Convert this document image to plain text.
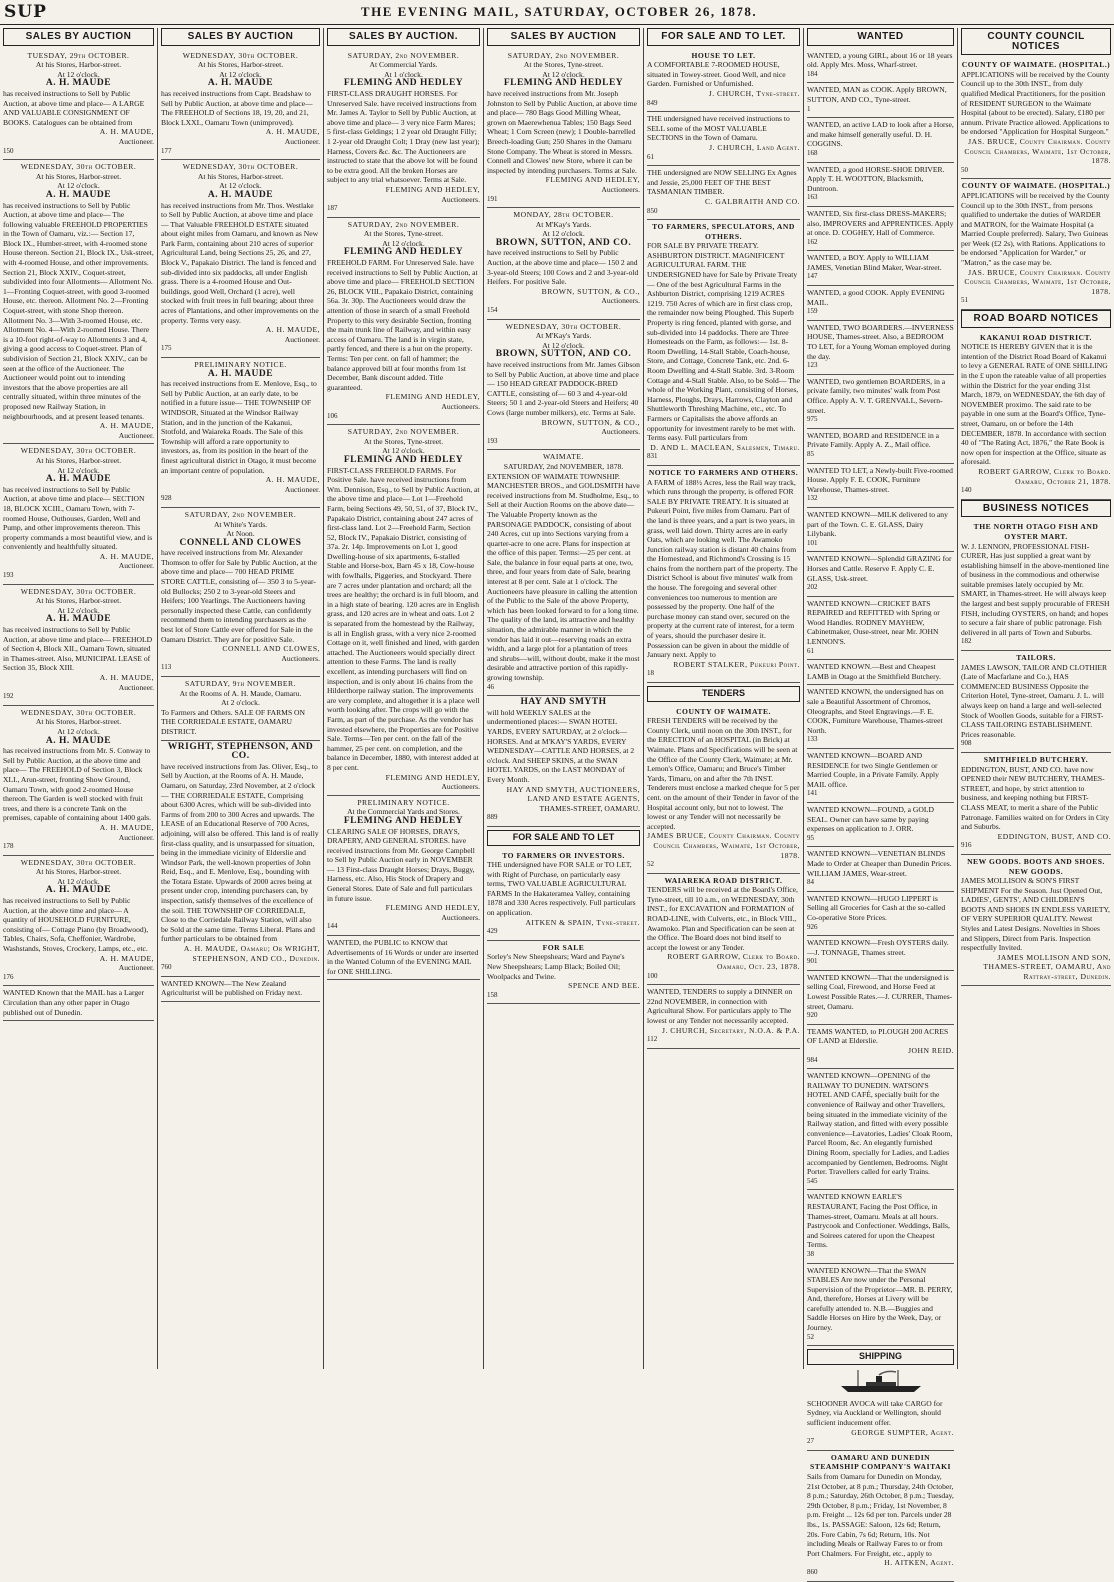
SUP	THE EVENING MAIL, SATURDAY, OCTOBER 26, 1878.
SALES BY AUCTION
TUESDAY, 29th OCTOBER.
At his Stores, Harbor-street.
At 12 o'clock.
A. H. MAUDE
has received instructions to Sell by Public Auction, at above time and place— A LARGE AND VALUABLE CONSIGNMENT OF BOOKS. Catalogues can be obtained from
A. H. MAUDE,
Auctioneer.
150
WEDNESDAY, 30th OCTOBER.
At his Stores, Harbor-street.
At 12 o'clock.
A. H. MAUDE
has received instructions to Sell by Public Auction, at above time and place— The following valuable FREEHOLD PROPERTIES in the Town of Oamaru, viz.:— Section 17, Block IX., Humber-street, with 4-roomed stone House thereon. Section 21, Block IX., Usk-street, with 4-roomed House, and other improvements. Section 21, Block XXIV., Coquet-street, subdivided into four Allotments— Allotment No. 1—Fronting Coquet-street, with good 3-roomed House, etc. thereon. Allotment No. 2—Fronting Coquet-street, with stone Shop thereon. Allotment No. 3—With 3-roomed House, etc. Allotment No. 4—With 2-roomed House. There is a 10-foot right-of-way to Allotments 3 and 4, giving a good access to Coquet-street. Plan of subdivision of Section 21, Block XXIV., can be seen at the office of the Auctioneer. The Auctioneer would point out to intending investors that the above properties are all centrally situated, within three minutes of the proposed new Railway Station, in neighbourhoods, and at present leased tenants.
A. H. MAUDE,
Auctioneer.
WEDNESDAY, 30th OCTOBER.
At his Stores, Harbor-street.
At 12 o'clock.
A. H. MAUDE
has received instructions to Sell by Public Auction, at above time and place— SECTION 18, BLOCK XCIII., Oamaru Town, with 7-roomed House, Outhouses, Garden, Well and Pump, and other improvements thereon. This property commands a most beautiful view, and is conveniently and healthfully situated.
A. H. MAUDE,
Auctioneer.
193
WEDNESDAY, 30th OCTOBER.
At his Stores, Harbor-street.
At 12 o'clock.
A. H. MAUDE
has received instructions to Sell by Public Auction, at above time and place— FREEHOLD of Section 4, Block XII., Oamaru Town, situated in Thames-street. Also, MUNICIPAL LEASE of Section 35, Block XIII.
A. H. MAUDE,
Auctioneer.
192
WEDNESDAY, 30th OCTOBER.
At his Stores, Harbor-street.
At 12 o'clock.
A. H. MAUDE
has received instructions from Mr. S. Conway to Sell by Public Auction, at the above time and place— The FREEHOLD of Section 3, Block XLI., Arun-street, fronting Show Ground, Oamaru Town, with good 2-roomed House thereon. The Garden is well stocked with fruit trees, and there is a concrete Tank on the premises, capable of containing about 1400 gals.
A. H. MAUDE,
Auctioneer.
178
WEDNESDAY, 30th OCTOBER.
At his Stores, Harbor-street.
At 12 o'clock.
A. H. MAUDE
has received instructions to Sell by Public Auction, at the above time and place— A quantity of HOUSEHOLD FURNITURE, consisting of— Cottage Piano (by Broadwood), Tables, Chairs, Sofa, Cheffonier, Wardrobe, Washstands, Stoves, Crockery, Lamps, etc., etc.
A. H. MAUDE,
Auctioneer.
176
WANTED Known that the MAIL has a Larger Circulation than any other paper in Otago published out of Dunedin.
SALES BY AUCTION
WEDNESDAY, 30th OCTOBER.
At his Stores, Harbor-street.
At 12 o'clock.
A. H. MAUDE
has received instructions from Capt. Bradshaw to Sell by Public Auction, at above time and place— The FREEHOLD of Sections 18, 19, 20, and 21, Block LXXI., Oamaru Town (unimproved).
A. H. MAUDE,
Auctioneer.
177
WEDNESDAY, 30th OCTOBER.
At his Stores, Harbor-street.
At 12 o'clock.
A. H. MAUDE
has received instructions from Mr. Thos. Westlake to Sell by Public Auction, at above time and place— That Valuable FREEHOLD ESTATE situated about eight miles from Oamaru, and known as New Park Farm, containing about 210 acres of superior Agricultural Land, being Sections 25, 26, and 27, Block V., Papakaio District. The land is fenced and sub-divided into six paddocks, all under English grass. There is a 4-roomed House and Out-buildings, good Well, Orchard (1 acre), well stocked with fruit trees in full bearing; about three acres of Plantations, and other improvements on the property. Terms very easy.
A. H. MAUDE,
Auctioneer.
175
PRELIMINARY NOTICE.
A. H. MAUDE
has received instructions from E. Menlove, Esq., to Sell by Public Auction, at an early date, to be notified in a future issue— THE TOWNSHIP OF WINDSOR, Situated at the Windsor Railway Station, and in the junction of the Kakanui, Stotfold, and Waiareka Roads. The Sale of this Township will afford a rare opportunity to investors, as, from its position in the heart of the finest agricultural district in Otago, it must become an important centre of population.
A. H. MAUDE,
Auctioneer.
928
SATURDAY, 2nd NOVEMBER.
At White's Yards.
At Noon.
CONNELL AND CLOWES
have received instructions from Mr. Alexander Thomson to offer for Sale by Public Auction, at the above time and place— 700 HEAD PRIME STORE CATTLE, consisting of— 350 3 to 5-year-old Bullocks; 250 2 to 3-year-old Steers and Heifers; 100 Yearlings. The Auctioneers having personally inspected these Cattle, can confidently recommend them to intending purchasers as the best lot of Store Cattle ever offered for Sale in the Oamaru District. They are for positive Sale.
CONNELL AND CLOWES,
Auctioneers.
113
SATURDAY, 9th NOVEMBER.
At the Rooms of A. H. Maude, Oamaru.
At 2 o'clock.
To Farmers and Others. SALE OF FARMS ON THE CORRIEDALE ESTATE, OAMARU DISTRICT.
WRIGHT, STEPHENSON, AND CO.
have received instructions from Jas. Oliver, Esq., to Sell by Auction, at the Rooms of A. H. Maude, Oamaru, on Saturday, 23rd November, at 2 o'clock— THE CORRIEDALE ESTATE, Comprising about 6300 Acres, which will be sub-divided into Farms of from 200 to 300 Acres and upwards. The LEASE of an Educational Reserve of 700 Acres, adjoining, will also be offered. This land is of really first-class quality, and is unsurpassed for situation, being in the immediate vicinity of Elderslie and Windsor Park, the well-known properties of John Reid, Esq., and E. Menlove, Esq., bounding with the Totara Estate. Upwards of 2000 acres being at present under crop, intending purchasers can, by inspection, satisfy themselves of the excellence of the soil. THE TOWNSHIP OF CORRIEDALE, Close to the Corriedale Railway Station, will also be Sold at the same time. Terms Liberal. Plans and further particulars to be obtained from
A. H. MAUDE, Oamaru; Or WRIGHT, STEPHENSON, AND CO., Dunedin.
760
WANTED KNOWN—The New Zealand Agriculturist will be published on Friday next.
SALES BY AUCTION.
SATURDAY, 2nd NOVEMBER.
At Commercial Yards.
At 1 o'clock.
FLEMING AND HEDLEY
FIRST-CLASS DRAUGHT HORSES. For Unreserved Sale. have received instructions from Mr. James A. Taylor to Sell by Public Auction, at above time and place— 3 very nice Farm Mares; 5 first-class Geldings; 1 2 year old Draught Filly; 1 2-year old Draught Colt; 1 Dray (new last year); Harness, Covers &c. &c. The Auctioneers are instructed to state that the above lot will be found to be extra good. All the broken Horses are subject to any trial whatsoever. Terms at Sale.
FLEMING AND HEDLEY,
Auctioneers.
187
SATURDAY, 2nd NOVEMBER.
At the Stores, Tyne-street.
At 12 o'clock.
FLEMING AND HEDLEY
FREEHOLD FARM. For Unreserved Sale. have received instructions to Sell by Public Auction, at above time and place— FREEHOLD SECTION 26, BLOCK VIII., Papakaio District, containing 56a. 3r. 30p. The Auctioneers would draw the attention of those in search of a small Freehold Property to this very desirable Section, fronting the main trunk line of Railway, and within easy access of Oamaru. The land is in virgin state, partly fenced, and there is a hut on the property. Terms: Ten per cent. on fall of hammer; the balance approved bill at four months from 1st December, Bank discount added. Title guaranteed.
FLEMING AND HEDLEY,
Auctioneers.
106
SATURDAY, 2nd NOVEMBER.
At the Stores, Tyne-street.
At 12 o'clock.
FLEMING AND HEDLEY
FIRST-CLASS FREEHOLD FARMS. For Positive Sale. have received instructions from Wm. Dennison, Esq., to Sell by Public Auction, at the above time and place— Lot 1—Freehold Farm, being Sections 49, 50, 51, of 37, Block IV., Papakaio District, containing about 247 acres of first-class land. Lot 2—Freehold Farm, Section 52, Block IV., Papakaio District, consisting of 37a. 2r. 14p. Improvements on Lot 1, good Dwelling-house of six apartments, 6-stalled Stable and Horse-box, Barn 45 x 18, Cow-house with fowlhalls, Piggeries, and Stockyard. There are 7 acres under plantation and orchard; all the trees are healthy; the orchard is in full bloom, and in a high state of bearing. 120 acres are in English grass, and 120 acres are in wheat and oats. Lot 2 is separated from the homestead by the Railway, is all in English grass, with a very nice 2-roomed Cottage on it, well finished and lined, with garden attached. The Auctioneers would specially direct attention to these Farms. The land is really excellent, as intending purchasers will find on inspection, and is only about 16 chains from the Hilderthorpe railway station. The improvements are very complete, and altogether it is a place well worth looking after. The crops will go with the Farm, as part of the purchase. As the vendor has invested elsewhere, the Properties are for Positive Sale. Terms—Ten per cent. on the fall of the hammer, 25 per cent. on completion, and the balance in December, 1880, with interest added at 8 per cent.
FLEMING AND HEDLEY,
Auctioneers.
PRELIMINARY NOTICE.
At the Commercial Yards and Stores.
FLEMING AND HEDLEY
CLEARING SALE OF HORSES, DRAYS, DRAPERY, AND GENERAL STORES. have received instructions from Mr. George Campbell to Sell by Public Auction early in NOVEMBER— 13 First-class Draught Horses; Drays, Buggy, Harness, etc. Also, His Stock of Drapery and General Stores. Date of Sale and full particulars in future issue.
FLEMING AND HEDLEY,
Auctioneers.
144
WANTED, the PUBLIC to KNOW that Advertisements of 16 Words or under are inserted in the Wanted Column of the EVENING MAIL for ONE SHILLING.
SALES BY AUCTION
SATURDAY, 2nd NOVEMBER.
At the Stores, Tyne-street.
At 12 o'clock.
FLEMING AND HEDLEY
have received instructions from Mr. Joseph Johnston to Sell by Public Auction, at above time and place— 780 Bags Good Milling Wheat, grown on Maerewhenua Tables; 150 Bags Seed Wheat; 1 Corn Screen (new); 1 Double-barrelled Breech-loading Gun; 250 Shares in the Oamaru Stone Company. The Wheat is stored in Messrs. Connell and Clowes' new Store, where it can be inspected by intending purchasers. Terms at Sale.
FLEMING AND HEDLEY,
Auctioneers.
191
MONDAY, 28th OCTOBER.
At M'Kay's Yards.
At 12 o'clock.
BROWN, SUTTON, AND CO.
have received instructions to Sell by Public Auction, at the above time and place— 150 2 and 3-year-old Steers; 100 Cows and 2 and 3-year-old Heifers. For positive Sale.
BROWN, SUTTON, & CO.,
Auctioneers.
154
WEDNESDAY, 30th OCTOBER.
At M'Kay's Yards.
At 12 o'clock.
BROWN, SUTTON, AND CO.
have received instructions from Mr. James Gibson to Sell by Public Auction, at above time and place— 150 HEAD GREAT PADDOCK-BRED CATTLE, consisting of— 60 3 and 4-year-old Steers; 50 1 and 2-year-old Steers and Heifers; 40 Cows (large number milkers), etc. Terms at Sale.
BROWN, SUTTON, & CO.,
Auctioneers.
193
WAIMATE.
SATURDAY, 2nd NOVEMBER, 1878.
EXTENSION OF WAIMATE TOWNSHIP. MANCHESTER BROS., and GOLDSMITH have received instructions from M. Studholme, Esq., to Sell at their Auction Rooms on the above date— The Valuable Property known as the PARSONAGE PADDOCK, consisting of about 240 Acres, cut up into Sections varying from a quarter-acre to one acre. Plans for inspection at the office of this paper. Terms:—25 per cent. at Sale, the balance in four equal parts at one, two, three, and four years from date of Sale, bearing interest at 8 per cent. Sale at 1 o'clock. The Auctioneers have pleasure in calling the attention of the Public to the Sale of the above Property, which has been looked forward to for a long time. The quality of the land, its attractive and healthy situation, the admirable manner in which the vendor has laid it out—reserving roads an extra width, and a large plot for a plantation of trees and shrubs—will, without doubt, make it the most desirable and attractive portion of this rapidly-growing township.
46
HAY AND SMYTH
will hold WEEKLY SALES at the undermentioned places:— SWAN HOTEL YARDS, EVERY SATURDAY, at 2 o'clock—HORSES. And at M'KAY'S YARDS, EVERY WEDNESDAY—CATTLE AND HORSES, at 2 o'clock. And SHEEP SKINS, at the SWAN HOTEL YARDS, on the LAST MONDAY of Every Month.
HAY AND SMYTH, AUCTIONEERS, LAND AND ESTATE AGENTS,
THAMES-STREET, OAMARU.
889
FOR SALE AND TO LET
TO FARMERS OR INVESTORS.
THE undersigned have FOR SALE or TO LET, with Right of Purchase, on particularly easy terms, TWO VALUABLE AGRICULTURAL FARMS In the Hakateramea Valley, containing 1878 and 330 Acres respectively. Full particulars on application.
AITKEN & SPAIN, Tyne-street.
429
FOR SALE
Sorley's New Sheepshears; Ward and Payne's New Sheepshears; Lamp Black; Boiled Oil; Woolpacks and Twine.
SPENCE AND BEE.
158
FOR SALE AND TO LET.
HOUSE TO LET.
A COMFORTABLE 7-ROOMED HOUSE, situated in Towey-street. Good Well, and nice Garden. Furnished or Unfurnished.
J. CHURCH, Tyne-street.
849
THE undersigned have received instructions to SELL some of the MOST VALUABLE SECTIONS in the Town of Oamaru.
J. CHURCH, Land Agent.
61
THE undersigned are NOW SELLING Ex Agnes and Jessie, 25,000 FEET OF THE BEST TASMANIAN TIMBER.
C. GALBRAITH AND CO.
850
TO FARMERS, SPECULATORS, AND OTHERS.
FOR SALE BY PRIVATE TREATY. ASHBURTON DISTRICT. MAGNIFICENT AGRICULTURAL FARM. THE UNDERSIGNED have for Sale by Private Treaty— One of the best Agricultural Farms in the Ashburton District, comprising 1219 ACRES 1219. 750 Acres of which are in first class crop, the remainder now being Ploughed. This Superb Property is ring fenced, planted with gorse, and sub-divided into 14 paddocks. There are Three Homesteads on the Farm, as follows:— 1st. 8-Room Dwelling, 14-Stall Stable, Coach-house, Store, and Cottage, Concrete Tank, etc. 2nd. 6-Room Dwelling and 4-Stall Stable. 3rd. 3-Room Cottage and 4-Stall Stable. Also, to be Sold— The whole of the Working Plant, consisting of Horses, Harness, Ploughs, Drays, Harrows, Clayton and Shuttleworth Threshing Machine, etc., etc. To Farmers or Capitalists the above affords an opportunity for investment rarely to be met with. Terms easy. Full particulars from
D. AND L. MACLEAN, Salesmen, Timaru.
831
NOTICE TO FARMERS AND OTHERS.
A FARM of 188½ Acres, less the Rail way track, which runs through the property, is offered FOR SALE BY PRIVATE TREATY. It is situated at Pukeuri Point, five miles from Oamaru. Part of the land is three years, and a part is two years, in grass, well laid down. Thirty acres are in early Oats, which are looking well. The Awamoko Junction railway station is distant 40 chains from the Homestead, and Richmond's Crossing is 15 chains from the northern part of the property. The District School is about five minutes' walk from the house. The foregoing and several other conveniences too numerous to mention are possessed by the property. One half of the purchase money can stand over, secured on the property at the current rate of interest, for a term of years, should the purchaser desire it. Possession can be given in about the middle of January next. Apply to
ROBERT STALKER, Pukeuri Point.
18
TENDERS
COUNTY OF WAIMATE.
FRESH TENDERS will be received by the County Clerk, until noon on the 30th INST., for the ERECTION of an HOSPITAL (in Brick) at Waimate. Plans and Specifications will be seen at the Office of the County Clerk, Waimate; at Mr. Lemon's Office, Oamaru; and Bruce's Timber Yards, Timaru, on and after the 7th INST. Tenderers must enclose a marked cheque for 5 per cent. on the amount of their Tender in favor of the Hospital account only, but not to lowest. The lowest or any Tender will not necessarily be accepted.
JAMES BRUCE, County Chairman. County Council Chambers, Waimate, 1st October, 1878.
52
WAIAREKA ROAD DISTRICT.
TENDERS will be received at the Board's Office, Tyne-street, till 10 a.m., on WEDNESDAY, 30th INST., for EXCAVATION and FORMATION of ROAD-LINE, with Culverts, etc., in Block VIII., Awamoko. Plan and Specification can be seen at the Office. The Board does not bind itself to accept the lowest or any Tender.
ROBERT GARROW, Clerk to Board. Oamaru, Oct. 23, 1878.
100
WANTED, TENDERS to supply a DINNER on 22nd NOVEMBER, in connection with Agricultural Show. For particulars apply to The lowest or any Tender not necessarily accepted.
J. CHURCH, Secretary, N.O.A. & P.A.
112
WANTED
WANTED, a young GIRL, about 16 or 18 years old. Apply Mrs. Moss, Wharf-street.
184
WANTED, MAN as COOK. Apply BROWN, SUTTON, AND CO., Tyne-street.
1
WANTED, an active LAD to look after a Horse, and make himself generally useful. D. H. COGGINS.
168
WANTED, a good HORSE-SHOE DRIVER. Apply T. H. WOOTTON, Blacksmith, Duntroon.
163
WANTED, Six first-class DRESS-MAKERS; also, IMPROVERS and APPRENTICES. Apply at once. D. COGHEY, Hall of Commerce.
162
WANTED, a BOY. Apply to WILLIAM JAMES, Venetian Blind Maker, Wear-street.
147
WANTED, a good COOK. Apply EVENING MAIL.
159
WANTED, TWO BOARDERS.—INVERNESS HOUSE, Thames-street. Also, a BEDROOM TO LET, for a Young Woman employed during the day.
123
WANTED, two gentlemen BOARDERS, in a private family, two minutes' walk from Post Office. Apply A. V. T. GRENVALL, Severn-street.
975
WANTED, BOARD and RESIDENCE in a Private Family. Apply A. Z., Mail office.
85
WANTED TO LET, a Newly-built Five-roomed House. Apply F. E. COOK, Furniture Warehouse, Thames-street.
132
WANTED KNOWN—MILK delivered to any part of the Town. C. E. GLASS, Dairy Lilybank.
101
WANTED KNOWN—Splendid GRAZING for Horses and Cattle. Reserve F. Apply C. E. GLASS, Usk-street.
202
WANTED KNOWN—CRICKET BATS REPAIRED and REFITTED with Spring or Wood Handles. RODNEY MAYHEW, Cabinetmaker, Ouse-street, near Mr. JOHN LENNON'S.
61
WANTED KNOWN.—Best and Cheapest LAMB in Otago at the Smithfield Butchery.
WANTED KNOWN, the undersigned has on sale a Beautiful Assortment of Chromos, Oleographs, and Steel Engravings.—F. E. COOK, Furniture Warehouse, Thames-street North.
133
WANTED KNOWN—BOARD AND RESIDENCE for two Single Gentlemen or Married Couple, in a Private Family. Apply MAIL office.
141
WANTED KNOWN—FOUND, a GOLD SEAL. Owner can have same by paying expenses on application to J. ORR.
95
WANTED KNOWN—VENETIAN BLINDS Made to Order at Cheaper than Dunedin Prices. WILLIAM JAMES, Wear-street.
84
WANTED KNOWN—HUGO LIPPERT is Selling all Groceries for Cash at the so-called Co-operative Store Prices.
926
WANTED KNOWN—Fresh OYSTERS daily.—J. TONNAGE, Thames street.
901
WANTED KNOWN—That the undersigned is selling Coal, Firewood, and Horse Feed at Lowest Possible Rates.—J. CURRER, Thames-street, Oamaru.
920
TEAMS WANTED, to PLOUGH 200 ACRES OF LAND at Elderslie.
JOHN REID.
984
WANTED KNOWN—OPENING of the RAILWAY TO DUNEDIN. WATSON'S HOTEL AND CAFÉ, specially built for the convenience of Railway and other Travellers, being situated in the immediate vicinity of the Railway station, and fitted with every possible convenience—Lavatories, Ladies' Cloak Room, Parcel Room, &c. An elegantly furnished Dining Room, specially for Ladies, and Ladies accompanied by Gentlemen, Bedrooms. Night Porter. Travellers called for early Trains.
545
WANTED KNOWN EARLE'S RESTAURANT, Facing the Post Office, in Thames-street, Oamaru. Meals at all hours. Pastrycook and Confectioner. Weddings, Balls, and Soirees catered for upon the Cheapest Terms.
38
WANTED KNOWN—That the SWAN STABLES Are now under the Personal Supervision of the Proprietor—MR. B. PERRY, And, therefore, Horses at Livery will be carefully attended to. N.B.—Buggies and Saddle Horses on Hire by the Week, Day, or Journey.
52
SHIPPING
SCHOONER AVOCA will take CARGO for Sydney, via Auckland or Wellington, should sufficient inducement offer.
GEORGE SUMPTER, Agent.
27
OAMARU AND DUNEDIN STEAMSHIP COMPANY'S WAITAKI
Sails from Oamaru for Dunedin on Monday, 21st October, at 8 p.m.; Thursday, 24th October, 8 p.m.; Saturday, 26th October, 8 p.m.; Tuesday, 29th October, 8 p.m.; Friday, 1st November, 8 p.m. Freight ... 12s 6d per ton. Parcels under 28 lbs., 1s. PASSAGE: Saloon, 12s 6d; Return, 20s. Fore Cabin, 7s 6d; Return, 10s. Not including Meals or Railway Fares to or from Port Chalmers. For Freight, etc., apply to
H. AITKEN, Agent.
860
COUNTY COUNCIL NOTICES
COUNTY OF WAIMATE. (HOSPITAL.)
APPLICATIONS will be received by the County Council up to the 30th INST., from duly qualified Medical Practitioners, for the position of RESIDENT SURGEON to the Waimate Hospital (about to be erected). Salary, £180 per annum. Private Practice allowed. Applications to be endorsed "Application for Hospital Surgeon."
JAS. BRUCE, County Chairman. County Council Chambers, Waimate, 1st October, 1878.
50
COUNTY OF WAIMATE. (HOSPITAL.)
APPLICATIONS will be received by the County Council up to the 30th INST., from persons qualified to undertake the duties of WARDER and MATRON, for the Waimate Hospital (a Married Couple preferred). Salary, Two Guineas per Week (£2 2s), with Rations. Applications to be endorsed "Application for Warder," or "Matron," as the case may be.
JAS. BRUCE, County Chairman. County Council Chambers, Waimate, 1st October, 1878.
51
ROAD BOARD NOTICES
KAKANUI ROAD DISTRICT.
NOTICE IS HEREBY GIVEN that it is the intention of the District Road Board of Kakanui to levy a GENERAL RATE of ONE SHILLING in the £ upon the rateable value of all properties within the District for the year ending 31st March, 1879, on WEDNESDAY, the 6th day of NOVEMBER proximo. The said rate to be payable in one sum at the Board's Office, Tyne-street, Oamaru, on or before the 14th DECEMBER, 1878. In accordance with section 40 of "The Rating Act, 1876," the Rate Book is now open for inspection at the Office, situate as aforesaid.
ROBERT GARROW, Clerk to Board. Oamaru, October 21, 1878.
140
BUSINESS NOTICES
THE NORTH OTAGO FISH AND OYSTER MART.
W. J. LENNON, PROFESSIONAL FISH-CURER, Has just supplied a great want by establishing himself in the above-mentioned line of business in the commodious and otherwise suitable premises lately occupied by Mr. SMART, in Thames-street. He will always keep the largest and best supply procurable of FRESH FISH, including OYSTERS, on hand; and hopes to secure a fair share of public patronage. Fish delivered in all parts of Town and Suburbs.
182
TAILORS.
JAMES LAWSON, TAILOR AND CLOTHIER (Late of Macfarlane and Co.), HAS COMMENCED BUSINESS Opposite the Criterion Hotel, Tyne-street, Oamaru. J. L. will always keep on hand a large and well-selected Stock of Woollen Goods, suitable for a FIRST-CLASS TAILORING ESTABLISHMENT. Prices reasonable.
908
SMITHFIELD BUTCHERY.
EDDINGTON, BUST, AND CO. have now OPENED their NEW BUTCHERY, THAMES-STREET, and hope, by strict attention to business, and keeping nothing but FIRST-CLASS MEAT, to merit a share of the Public Patronage. Families waited on for Orders in City and Suburbs.
EDDINGTON, BUST, AND CO.
916
NEW GOODS. BOOTS AND SHOES. NEW GOODS.
JAMES MOLLISON & SON'S FIRST SHIPMENT For the Season. Just Opened Out, LADIES', GENTS', AND CHILDREN'S BOOTS AND SHOES IN ENDLESS VARIETY, OF VERY SUPERIOR QUALITY. Newest Styles and Latest Designs. Novelties in Shoes and Slippers, Direct from Paris. Inspection respectfully Invited.
JAMES MOLLISON AND SON, THAMES-STREET, OAMARU, And Rattray-street, Dunedin.
